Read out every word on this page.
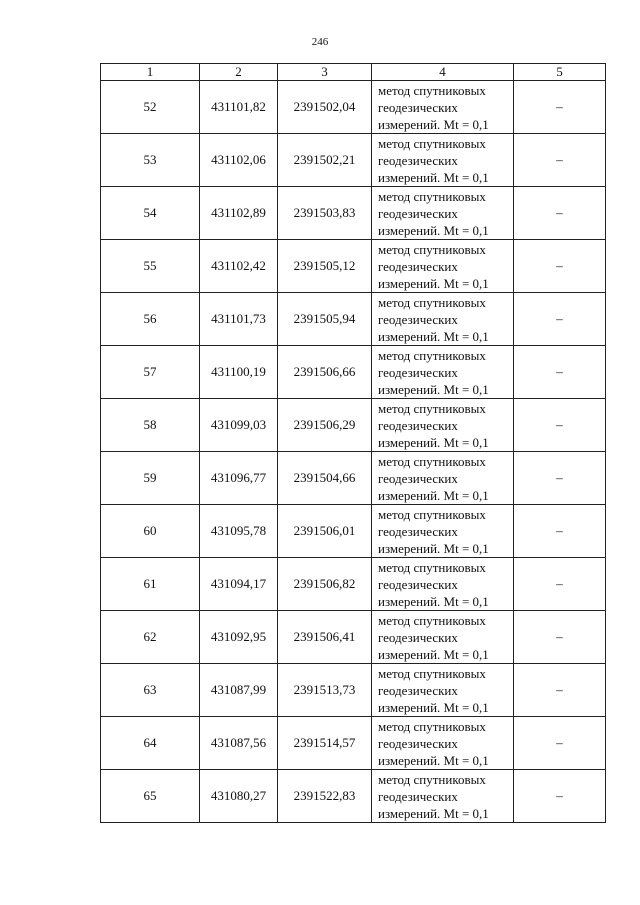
246
1	2	3	4	5
52	431101,82	2391502,04	метод спутниковых
геодезических
измерений. Mt = 0,1	–
53	431102,06	2391502,21	метод спутниковых
геодезических
измерений. Mt = 0,1	–
54	431102,89	2391503,83	метод спутниковых
геодезических
измерений. Mt = 0,1	–
55	431102,42	2391505,12	метод спутниковых
геодезических
измерений. Mt = 0,1	–
56	431101,73	2391505,94	метод спутниковых
геодезических
измерений. Mt = 0,1	–
57	431100,19	2391506,66	метод спутниковых
геодезических
измерений. Mt = 0,1	–
58	431099,03	2391506,29	метод спутниковых
геодезических
измерений. Mt = 0,1	–
59	431096,77	2391504,66	метод спутниковых
геодезических
измерений. Mt = 0,1	–
60	431095,78	2391506,01	метод спутниковых
геодезических
измерений. Mt = 0,1	–
61	431094,17	2391506,82	метод спутниковых
геодезических
измерений. Mt = 0,1	–
62	431092,95	2391506,41	метод спутниковых
геодезических
измерений. Mt = 0,1	–
63	431087,99	2391513,73	метод спутниковых
геодезических
измерений. Mt = 0,1	–
64	431087,56	2391514,57	метод спутниковых
геодезических
измерений. Mt = 0,1	–
65	431080,27	2391522,83	метод спутниковых
геодезических
измерений. Mt = 0,1	–
